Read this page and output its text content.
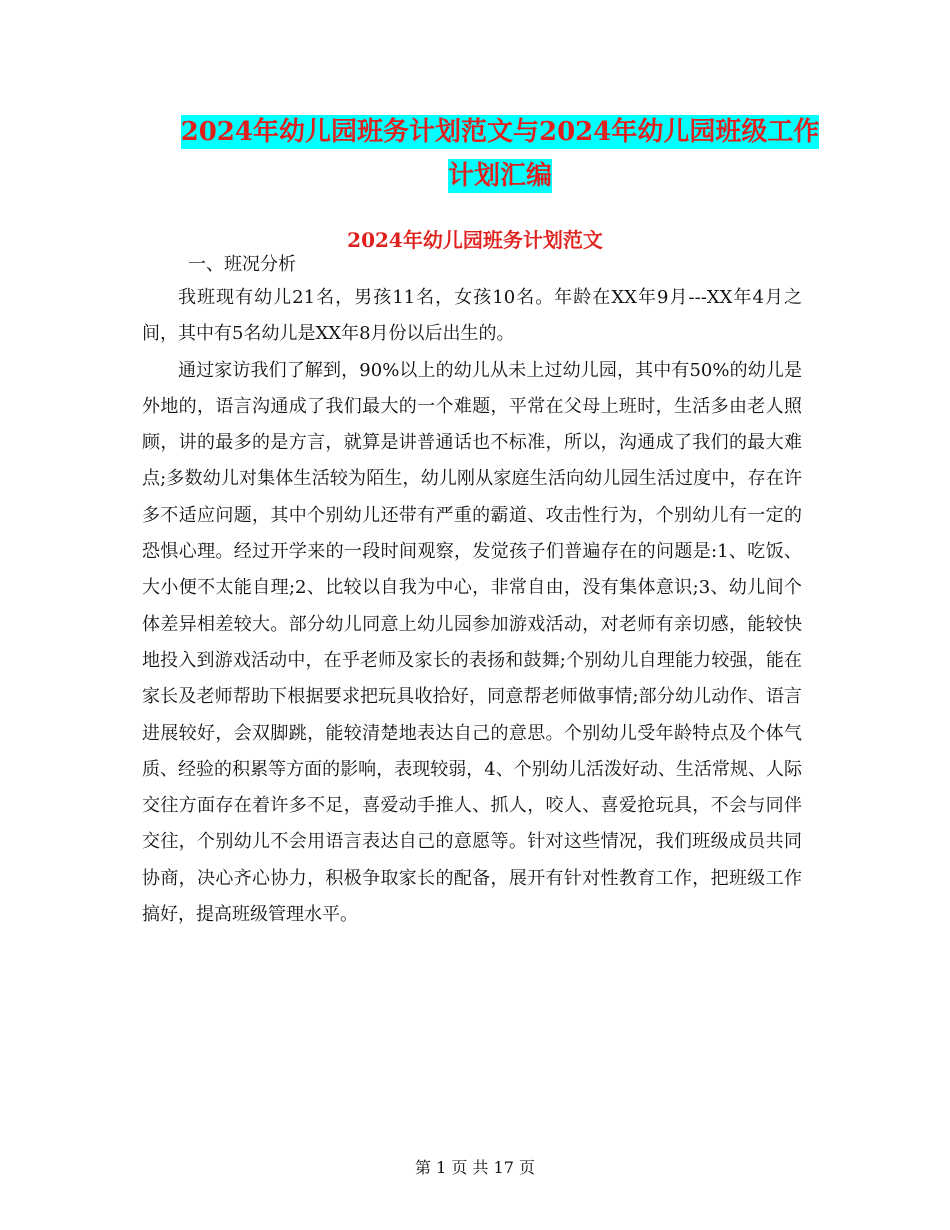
2024年幼儿园班务计划范文与2024年幼儿园班级工作
计划汇编
2024年幼儿园班务计划范文
一、班况分析

我班现有幼儿21名，男孩11名，女孩10名。年龄在XX年9月---XX年4月之间，其中有5名幼儿是XX年8月份以后出生的。

通过家访我们了解到，90%以上的幼儿从未上过幼儿园，其中有50%的幼儿是外地的，语言沟通成了我们最大的一个难题，平常在父母上班时，生活多由老人照顾，讲的最多的是方言，就算是讲普通话也不标准，所以，沟通成了我们的最大难点;多数幼儿对集体生活较为陌生，幼儿刚从家庭生活向幼儿园生活过度中，存在许多不适应问题，其中个别幼儿还带有严重的霸道、攻击性行为，个别幼儿有一定的恐惧心理。经过开学来的一段时间观察，发觉孩子们普遍存在的问题是:1、吃饭、大小便不太能自理;2、比较以自我为中心，非常自由，没有集体意识;3、幼儿间个体差异相差较大。部分幼儿同意上幼儿园参加游戏活动，对老师有亲切感，能较快地投入到游戏活动中，在乎老师及家长的表扬和鼓舞;个别幼儿自理能力较强，能在家长及老师帮助下根据要求把玩具收拾好，同意帮老师做事情;部分幼儿动作、语言进展较好，会双脚跳，能较清楚地表达自己的意思。个别幼儿受年龄特点及个体气质、经验的积累等方面的影响，表现较弱，4、个别幼儿活泼好动、生活常规、人际交往方面存在着许多不足，喜爱动手推人、抓人，咬人、喜爱抢玩具，不会与同伴交往，个别幼儿不会用语言表达自己的意愿等。针对这些情况，我们班级成员共同协商，决心齐心协力，积极争取家长的配备，展开有针对性教育工作，把班级工作搞好，提高班级管理水平。

第 1 页 共 17 页
